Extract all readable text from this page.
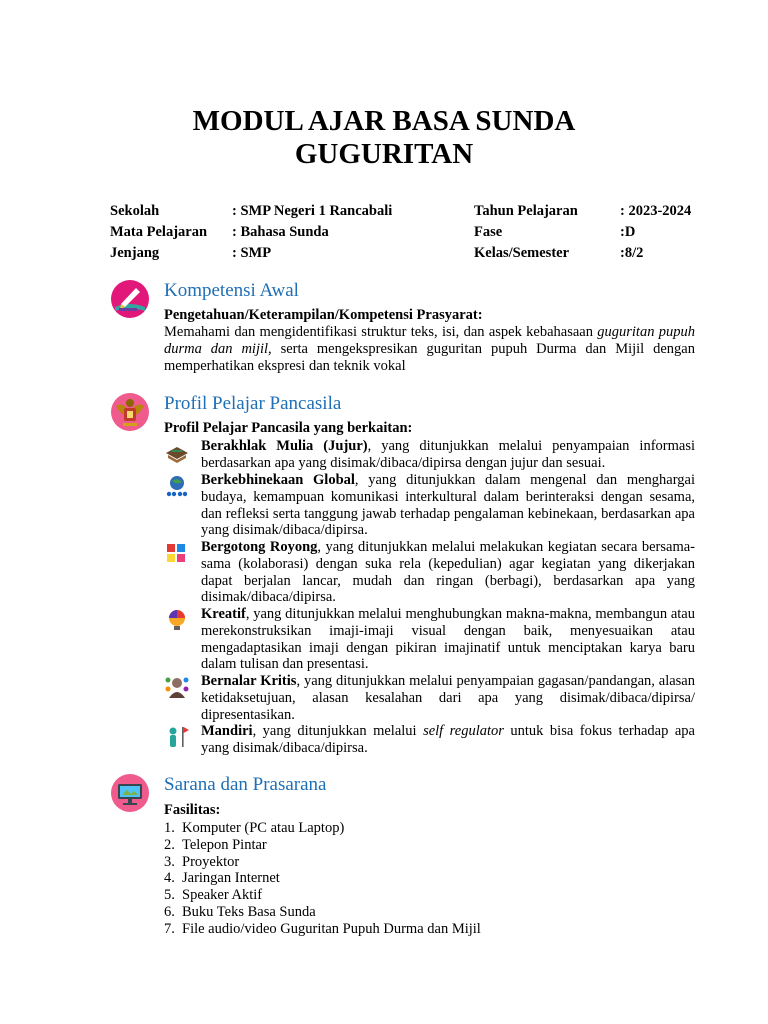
MODUL AJAR BASA SUNDA
GUGURITAN
Sekolah	: SMP Negeri 1 Rancabali	Tahun Pelajaran	: 2023-2024
Mata Pelajaran : Bahasa Sunda	Fase	:D
Jenjang	: SMP	Kelas/Semester	:8/2
Kompetensi Awal
Pengetahuan/Keterampilan/Kompetensi Prasyarat:

Memahami dan mengidentifikasi struktur teks, isi, dan aspek kebahasaan guguritan pupuh durma dan mijil, serta mengekspresikan guguritan pupuh Durma dan Mijil dengan memperhatikan ekspresi dan teknik vokal

Profil Pelajar Pancasila
Profil Pelajar Pancasila yang berkaitan:
Berakhlak Mulia (Jujur), yang ditunjukkan melalui penyampaian informasi berdasarkan apa yang disimak/dibaca/dipirsa dengan jujur dan sesuai.
Berkebhinekaan Global, yang ditunjukkan dalam mengenal dan menghargai budaya, kemampuan komunikasi interkultural dalam berinteraksi dengan sesama, dan refleksi serta tanggung jawab terhadap pengalaman kebinekaan, berdasarkan apa yang disimak/dibaca/dipirsa.
Bergotong Royong, yang ditunjukkan melalui melakukan kegiatan secara bersama-sama (kolaborasi) dengan suka rela (kepedulian) agar kegiatan yang dikerjakan dapat berjalan lancar, mudah dan ringan (berbagi), berdasarkan apa yang disimak/dibaca/dipirsa.
Kreatif, yang ditunjukkan melalui menghubungkan makna-makna, membangun atau merekonstruksikan imaji-imaji visual dengan baik, menyesuaikan atau mengadaptasikan imaji dengan pikiran imajinatif untuk menciptakan karya baru dalam tulisan dan presentasi.
Bernalar Kritis, yang ditunjukkan melalui penyampaian gagasan/pandangan, alasan ketidaksetujuan, alasan kesalahan dari apa yang disimak/dibaca/dipirsa/ dipresentasikan.
Mandiri, yang ditunjukkan melalui self regulator untuk bisa fokus terhadap apa yang disimak/dibaca/dipirsa.
Sarana dan Prasarana
Fasilitas:
1. Komputer (PC atau Laptop)
2. Telepon Pintar
3. Proyektor
4. Jaringan Internet
5. Speaker Aktif
6. Buku Teks Basa Sunda
7. File audio/video Guguritan Pupuh Durma dan Mijil
